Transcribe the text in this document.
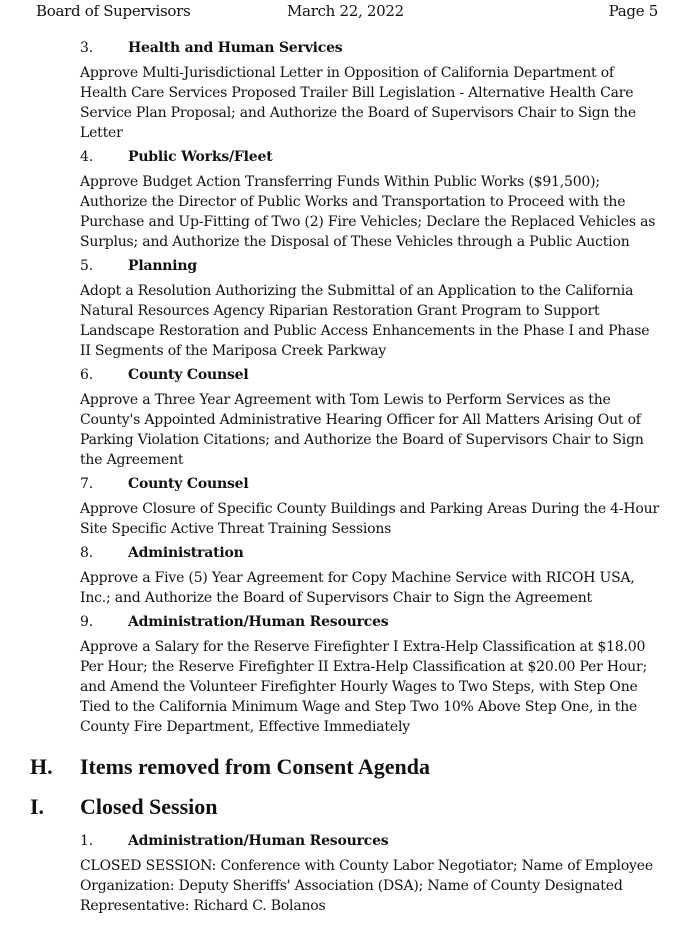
Board of Supervisors	March 22, 2022	Page 5
3.	Health and Human Services
Approve Multi-Jurisdictional Letter in Opposition of California Department of Health Care Services Proposed Trailer Bill Legislation - Alternative Health Care Service Plan Proposal; and Authorize the Board of Supervisors Chair to Sign the Letter
4.	Public Works/Fleet
Approve Budget Action Transferring Funds Within Public Works ($91,500); Authorize the Director of Public Works and Transportation to Proceed with the Purchase and Up-Fitting of Two (2) Fire Vehicles; Declare the Replaced Vehicles as Surplus; and Authorize the Disposal of These Vehicles through a Public Auction
5.	Planning
Adopt a Resolution Authorizing the Submittal of an Application to the California Natural Resources Agency Riparian Restoration Grant Program to Support Landscape Restoration and Public Access Enhancements in the Phase I and Phase II Segments of the Mariposa Creek Parkway
6.	County Counsel
Approve a Three Year Agreement with Tom Lewis to Perform Services as the County's Appointed Administrative Hearing Officer for All Matters Arising Out of Parking Violation Citations; and Authorize the Board of Supervisors Chair to Sign the Agreement
7.	County Counsel
Approve Closure of Specific County Buildings and Parking Areas During the 4-Hour Site Specific Active Threat Training Sessions
8.	Administration
Approve a Five (5) Year Agreement for Copy Machine Service with RICOH USA, Inc.; and Authorize the Board of Supervisors Chair to Sign the Agreement
9.	Administration/Human Resources
Approve a Salary for the Reserve Firefighter I Extra-Help Classification at $18.00 Per Hour; the Reserve Firefighter II Extra-Help Classification at $20.00 Per Hour; and Amend the Volunteer Firefighter Hourly Wages to Two Steps, with Step One Tied to the California Minimum Wage and Step Two 10% Above Step One, in the County Fire Department, Effective Immediately
H. Items removed from Consent Agenda
I. Closed Session
1.	Administration/Human Resources
CLOSED SESSION: Conference with County Labor Negotiator; Name of Employee Organization: Deputy Sheriffs' Association (DSA); Name of County Designated Representative: Richard C. Bolanos
